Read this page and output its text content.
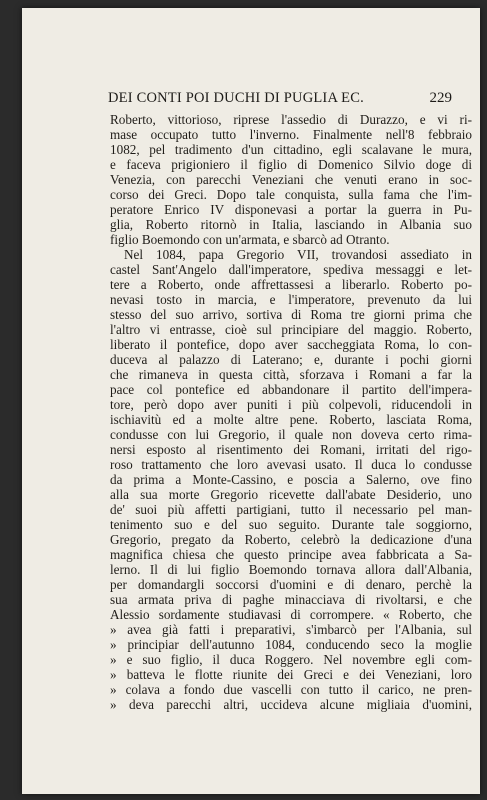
DEI CONTI POI DUCHI DI PUGLIA EC.	229
Roberto, vittorioso, riprese l'assedio di Durazzo, e vi ri-
mase occupato tutto l'inverno. Finalmente nell'8 febbraio
1082, pel tradimento d'un cittadino, egli scalavane le mura,
e faceva prigioniero il figlio di Domenico Silvio doge di
Venezia, con parecchi Veneziani che venuti erano in soc-
corso dei Greci. Dopo tale conquista, sulla fama che l'im-
peratore Enrico IV disponevasi a portar la guerra in Pu-
glia, Roberto ritornò in Italia, lasciando in Albania suo
figlio Boemondo con un'armata, e sbarcò ad Otranto.
Nel 1084, papa Gregorio VII, trovandosi assediato in
castel Sant'Angelo dall'imperatore, spediva messaggi e let-
tere a Roberto, onde affrettassesi a liberarlo. Roberto po-
nevasi tosto in marcia, e l'imperatore, prevenuto da lui
stesso del suo arrivo, sortiva di Roma tre giorni prima che
l'altro vi entrasse, cioè sul principiare del maggio. Roberto,
liberato il pontefice, dopo aver saccheggiata Roma, lo con-
duceva al palazzo di Laterano; e, durante i pochi giorni
che rimaneva in questa città, sforzava i Romani a far la
pace col pontefice ed abbandonare il partito dell'impera-
tore, però dopo aver puniti i più colpevoli, riducendoli in
ischiavitù ed a molte altre pene. Roberto, lasciata Roma,
condusse con lui Gregorio, il quale non doveva certo rima-
nersi esposto al risentimento dei Romani, irritati del rigo-
roso trattamento che loro avevasi usato. Il duca lo condusse
da prima a Monte-Cassino, e poscia a Salerno, ove fino
alla sua morte Gregorio ricevette dall'abate Desiderio, uno
de' suoi più affetti partigiani, tutto il necessario pel man-
tenimento suo e del suo seguito. Durante tale soggiorno,
Gregorio, pregato da Roberto, celebrò la dedicazione d'una
magnifica chiesa che questo principe avea fabbricata a Sa-
lerno. Il di lui figlio Boemondo tornava allora dall'Albania,
per domandargli soccorsi d'uomini e di denaro, perchè la
sua armata priva di paghe minacciava di rivoltarsi, e che
Alessio sordamente studiavasi di corrompere. « Roberto, che
» avea già fatti i preparativi, s'imbarcò per l'Albania, sul
» principiar dell'autunno 1084, conducendo seco la moglie
» e suo figlio, il duca Roggero. Nel novembre egli com-
» batteva le flotte riunite dei Greci e dei Veneziani, loro
» colava a fondo due vascelli con tutto il carico, ne pren-
» deva parecchi altri, uccideva alcune migliaia d'uomini,
